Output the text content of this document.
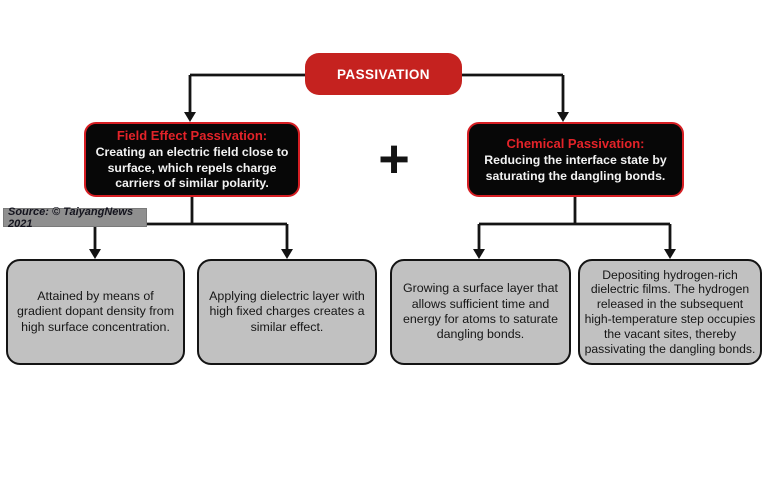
PASSIVATION
Field Effect Passivation:
Creating an electric field close to surface, which repels charge carriers of similar polarity.	+	Chemical Passivation:
Reducing the interface state by saturating the dangling bonds.
Source: © TaiyangNews 2021
Attained by means of gradient dopant density from high surface concentration.
Applying dielectric layer with high fixed charges creates a similar effect.
Growing a surface layer that allows sufficient time and energy for atoms to saturate dangling bonds.
Depositing hydrogen-rich dielectric films. The hydrogen released in the subsequent high-temperature step occupies the vacant sites, thereby passivating the dangling bonds.
